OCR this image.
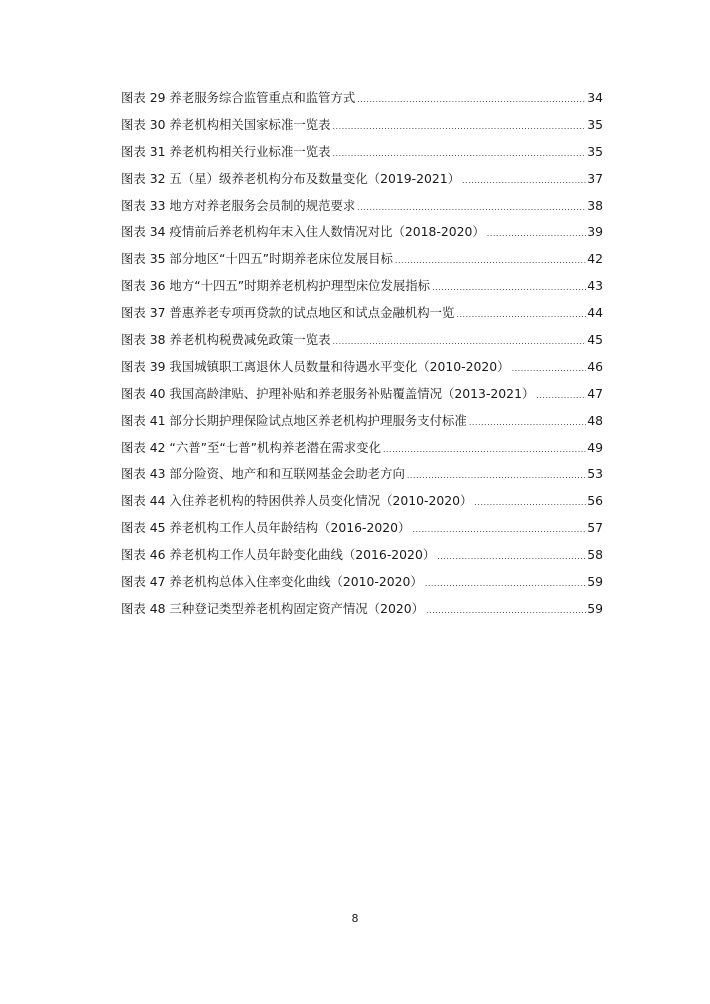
图表 29 养老服务综合监管重点和监管方式 .....	34
图表 30 养老机构相关国家标准一览表 .....	35
图表 31 养老机构相关行业标准一览表 .....	35
图表 32 五（星）级养老机构分布及数量变化（2019-2021） .....	37
图表 33 地方对养老服务会员制的规范要求 .....	38
图表 34 疫情前后养老机构年末入住人数情况对比（2018-2020） .....	39
图表 35 部分地区“十四五”时期养老床位发展目标 .....	42
图表 36 地方“十四五”时期养老机构护理型床位发展指标 .....	43
图表 37 普惠养老专项再贷款的试点地区和试点金融机构一览 .....	44
图表 38 养老机构税费减免政策一览表 .....	45
图表 39 我国城镇职工离退休人员数量和待遇水平变化（2010-2020） .....	46
图表 40 我国高龄津贴、护理补贴和养老服务补贴覆盖情况（2013-2021） .....	47
图表 41 部分长期护理保险试点地区养老机构护理服务支付标准 .....	48
图表 42 “六普”至“七普”机构养老潜在需求变化 .....	49
图表 43 部分险资、地产和和互联网基金会助老方向 .....	53
图表 44 入住养老机构的特困供养人员变化情况（2010-2020） .....	56
图表 45 养老机构工作人员年龄结构（2016-2020） .....	57
图表 46 养老机构工作人员年龄变化曲线（2016-2020） .....	58
图表 47 养老机构总体入住率变化曲线（2010-2020） .....	59
图表 48 三种登记类型养老机构固定资产情况（2020） .....	59
8
